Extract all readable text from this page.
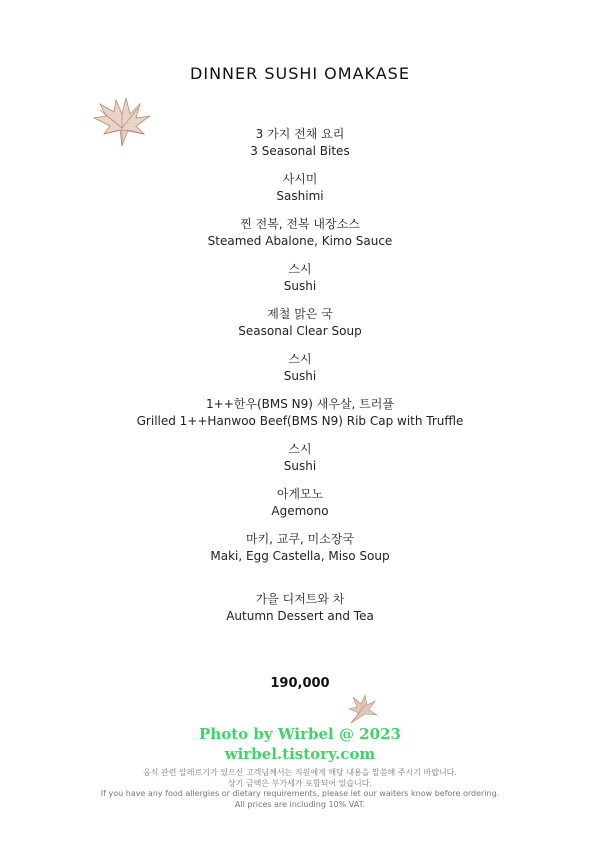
DINNER SUSHI OMAKASE
3 가지 전채 요리
3 Seasonal Bites
사시미
Sashimi
찐 전복, 전복 내장소스
Steamed Abalone, Kimo Sauce
스시
Sushi
제철 맑은 국
Seasonal Clear Soup
스시
Sushi
1++한우(BMS N9) 새우살, 트러플
Grilled 1++Hanwoo Beef(BMS N9) Rib Cap with Truffle
스시
Sushi
아게모노
Agemono
마키, 교쿠, 미소장국
Maki, Egg Castella, Miso Soup
가을 디저트와 차
Autumn Dessert and Tea
190,000
Photo by Wirbel @ 2023
wirbel.tistory.com
음식 관련 알레르기가 있으신 고객님께서는 직원에게 해당 내용을 말씀해 주시기 바랍니다.
상기 금액은 부가세가 포함되어 있습니다.
If you have any food allergies or dietary requirements, please let our waiters know before ordering.
All prices are including 10% VAT.
